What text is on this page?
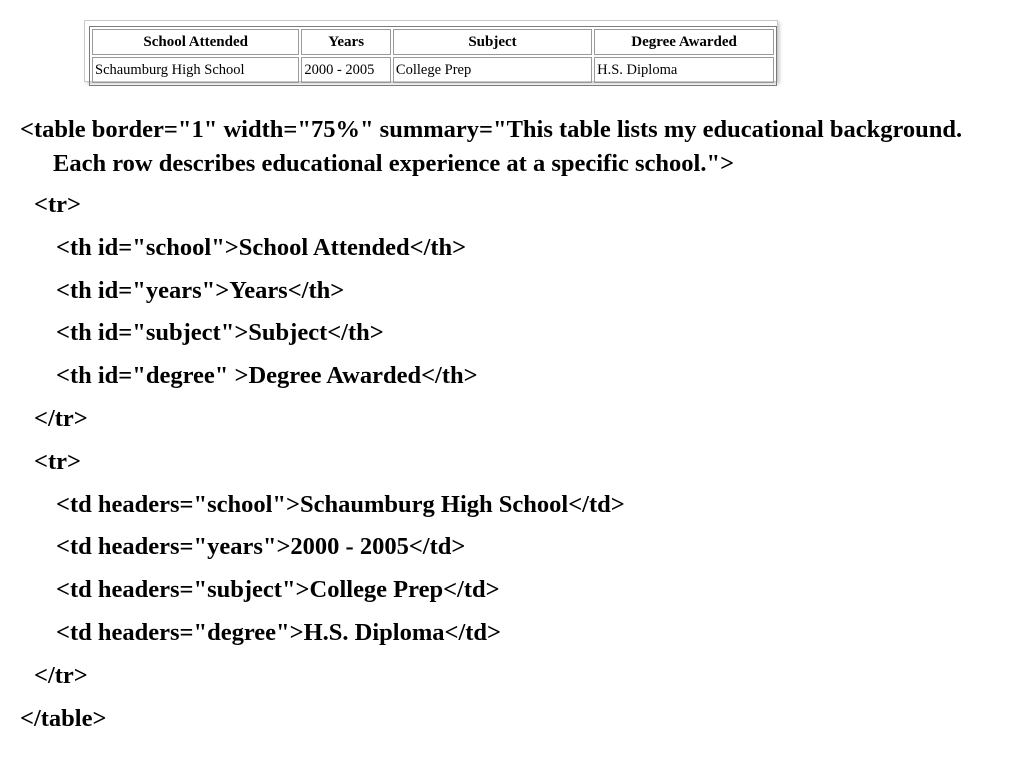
School Attended	Years	Subject	Degree Awarded
Schaumburg High School	2000 - 2005	College Prep	H.S. Diploma
<table border="1" width="75%" summary="This table lists my educational background. Each row describes educational experience at a specific school.">
<tr>
<th id="school">School Attended</th>
<th id="years">Years</th>
<th id="subject">Subject</th>
<th id="degree" >Degree Awarded</th>
</tr>
<tr>
<td headers="school">Schaumburg High School</td>
<td headers="years">2000 - 2005</td>
<td headers="subject">College Prep</td>
<td headers="degree">H.S. Diploma</td>
</tr>
</table>
